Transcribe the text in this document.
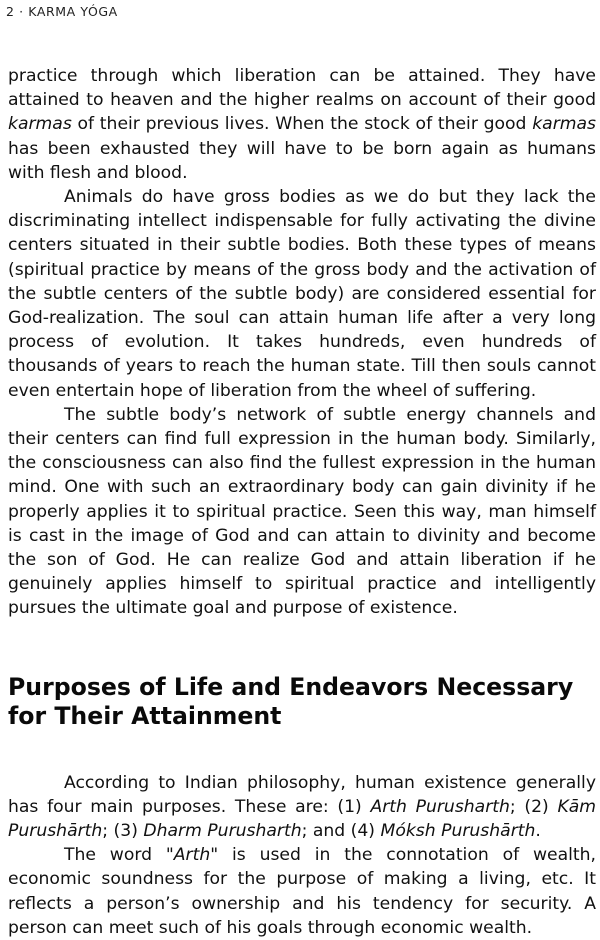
2 · KARMA YÓGA

practice through which liberation can be attained. They have attained to heaven and the higher realms on account of their good karmas of their previous lives. When the stock of their good karmas has been exhausted they will have to be born again as humans with flesh and blood.

Animals do have gross bodies as we do but they lack the discriminating intellect indispensable for fully activating the divine centers situated in their subtle bodies. Both these types of means (spiritual practice by means of the gross body and the activation of the subtle centers of the subtle body) are considered essential for God-realization. The soul can attain human life after a very long process of evolution. It takes hundreds, even hundreds of thousands of years to reach the human state. Till then souls cannot even entertain hope of liberation from the wheel of suffering.

The subtle body’s network of subtle energy channels and their centers can find full expression in the human body. Similarly, the consciousness can also find the fullest expression in the human mind. One with such an extraordinary body can gain divinity if he properly applies it to spiritual practice. Seen this way, man himself is cast in the image of God and can attain to divinity and become the son of God. He can realize God and attain liberation if he genuinely applies himself to spiritual practice and intelligently pursues the ultimate goal and purpose of existence.

Purposes of Life and Endeavors Necessary for Their Attainment

According to Indian philosophy, human existence generally has four main purposes. These are: (1) Arth Purusharth; (2) Kām Purushārth; (3) Dharm Purusharth; and (4) Móksh Purushārth.

The word "Arth" is used in the connotation of wealth, economic soundness for the purpose of making a living, etc. It reflects a person’s ownership and his tendency for security. A person can meet such of his goals through economic wealth.
